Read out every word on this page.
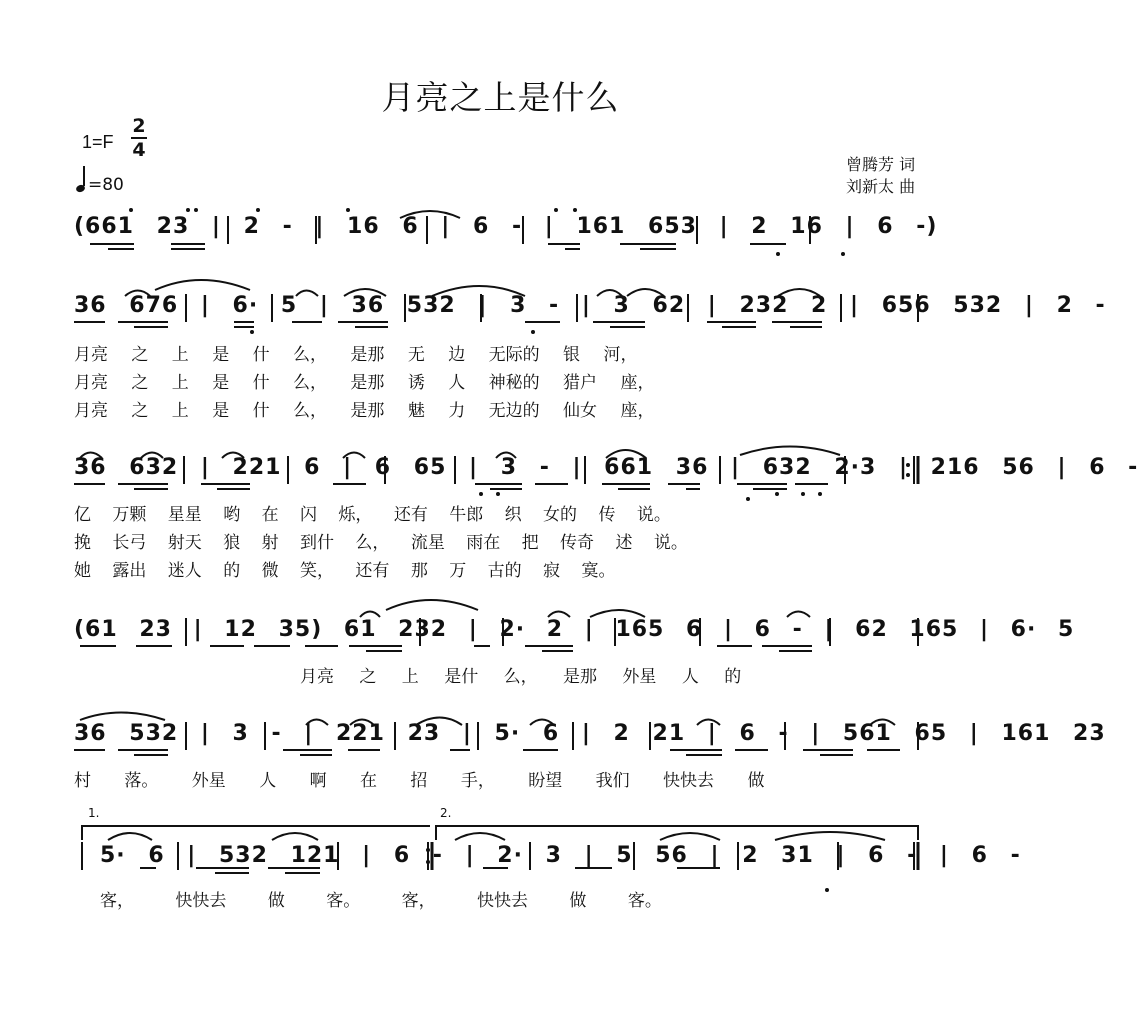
月亮之上是什么
1=F
2
4
=80
曾腾芳 词
刘新太 曲
(661 23 | 2 - | 16 6 | 6 - | 161 653 | 2 16 | 6 -)
36 676 | 6· 5 | 36 532 | 3 - | 3 62 | 232 2 | 656 532 | 2 -
月亮 之 上 是 什 么， 是那 无 边 无际的 银 河，
月亮 之 上 是 什 么， 是那 诱 人 神秘的 猎户 座，
月亮 之 上 是 什 么， 是那 魅 力 无边的 仙女 座，
36 632 | 221 6 | 6 65 | 3 - | 661 36 | 632 2·3 | 216 56 | 6 -
亿 万颗 星星 哟 在 闪 烁， 还有 牛郎 织 女的 传 说。
挽 长弓 射天 狼 射 到什 么， 流星 雨在 把 传奇 述 说。
她 露出 迷人 的 微 笑， 还有 那 万 古的 寂 寞。
(61 23 | 12 35) 61 232 | 2· 2 | 165 6 | 6 - | 62 165 | 6· 5
月亮 之 上 是什 么， 是那 外星 人 的
36 532 | 3 - | 221 23 | 5· 6 | 2 21 | 6 - | 561 65 | 161 23
村 落。 外星 人 啊 在 招 手， 盼望 我们 快快去 做
2.
1.
5· 6 | 532 121 | 6 - | 2· 3 | 5 56 | 2 31 | 6 - | 6 -
客， 快快去 做 客。 客， 快快去 做 客。
